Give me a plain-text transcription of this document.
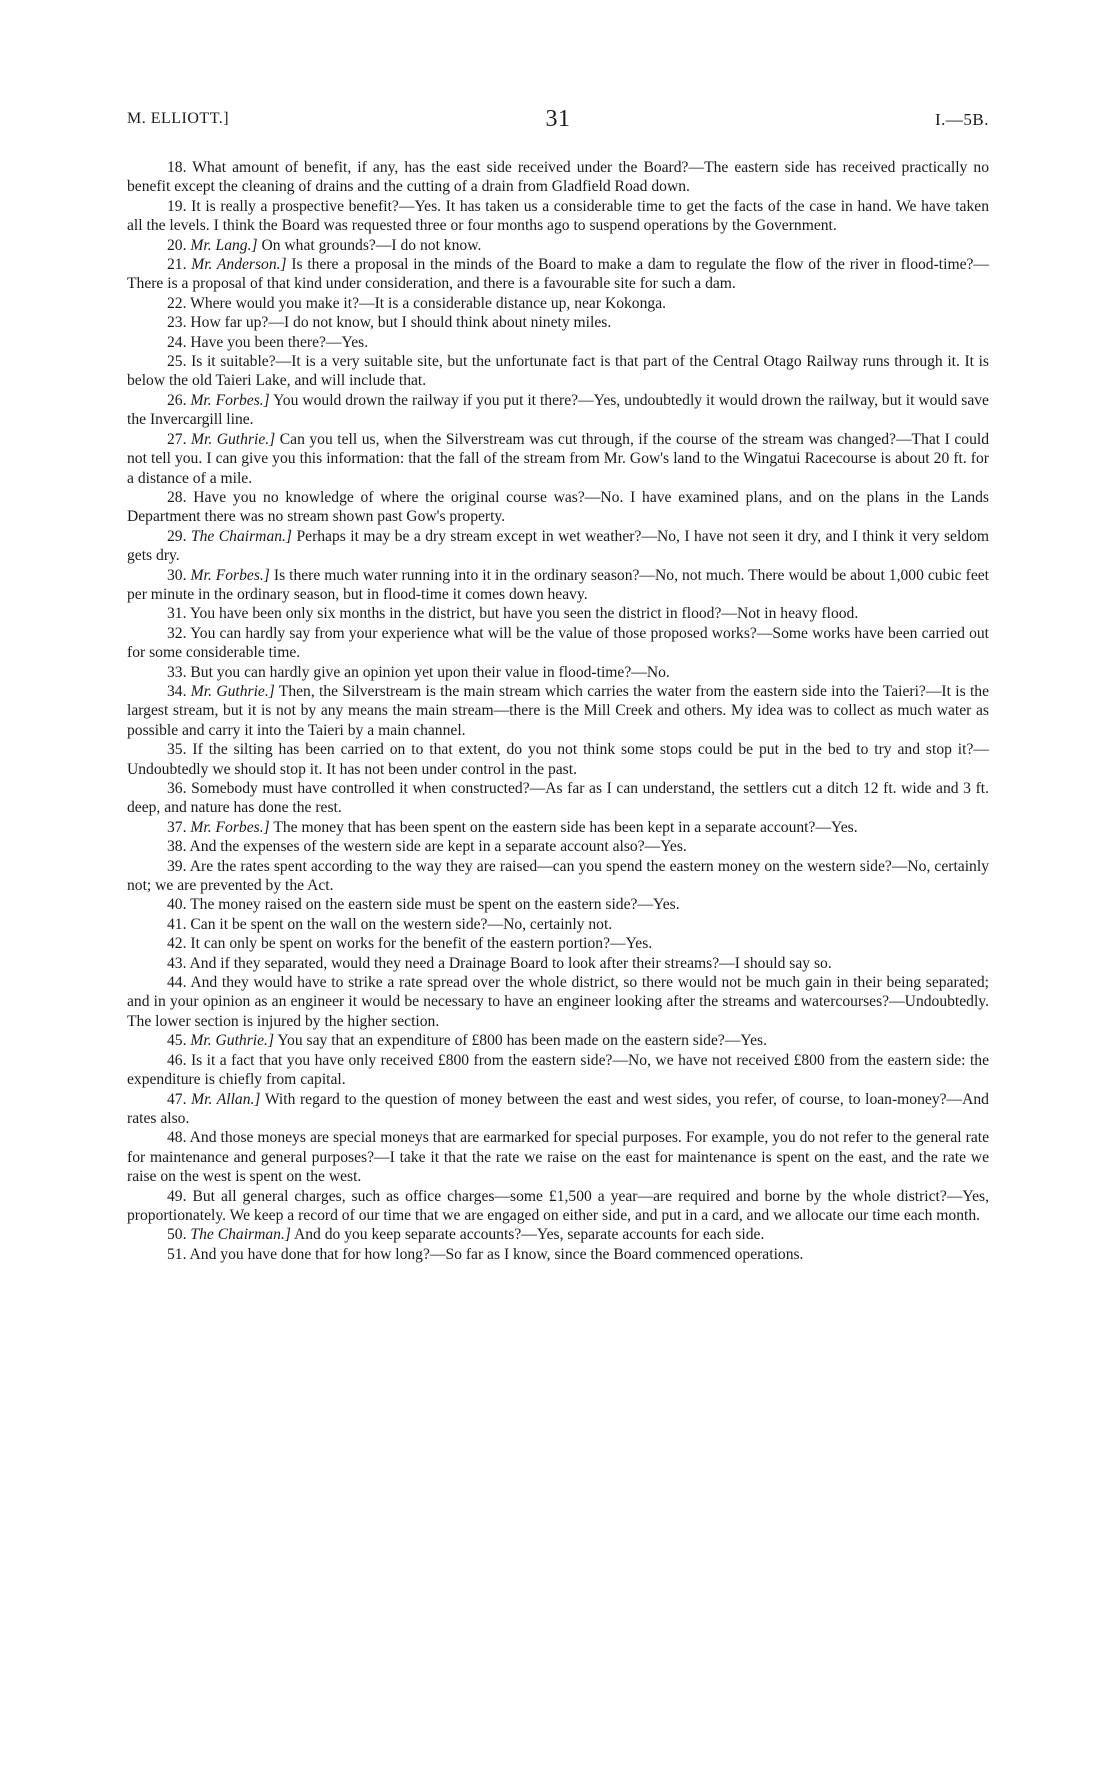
M. ELLIOTT.]	31	I.—5B.

18. What amount of benefit, if any, has the east side received under the Board?—The eastern side has received practically no benefit except the cleaning of drains and the cutting of a drain from Gladfield Road down.

19. It is really a prospective benefit?—Yes. It has taken us a considerable time to get the facts of the case in hand. We have taken all the levels. I think the Board was requested three or four months ago to suspend operations by the Government.

20. Mr. Lang.] On what grounds?—I do not know.

21. Mr. Anderson.] Is there a proposal in the minds of the Board to make a dam to regulate the flow of the river in flood-time?—There is a proposal of that kind under consideration, and there is a favourable site for such a dam.

22. Where would you make it?—It is a considerable distance up, near Kokonga.

23. How far up?—I do not know, but I should think about ninety miles.

24. Have you been there?—Yes.

25. Is it suitable?—It is a very suitable site, but the unfortunate fact is that part of the Central Otago Railway runs through it. It is below the old Taieri Lake, and will include that.

26. Mr. Forbes.] You would drown the railway if you put it there?—Yes, undoubtedly it would drown the railway, but it would save the Invercargill line.

27. Mr. Guthrie.] Can you tell us, when the Silverstream was cut through, if the course of the stream was changed?—That I could not tell you. I can give you this information: that the fall of the stream from Mr. Gow's land to the Wingatui Racecourse is about 20 ft. for a distance of a mile.

28. Have you no knowledge of where the original course was?—No. I have examined plans, and on the plans in the Lands Department there was no stream shown past Gow's property.

29. The Chairman.] Perhaps it may be a dry stream except in wet weather?—No, I have not seen it dry, and I think it very seldom gets dry.

30. Mr. Forbes.] Is there much water running into it in the ordinary season?—No, not much. There would be about 1,000 cubic feet per minute in the ordinary season, but in flood-time it comes down heavy.

31. You have been only six months in the district, but have you seen the district in flood?—Not in heavy flood.

32. You can hardly say from your experience what will be the value of those proposed works?—Some works have been carried out for some considerable time.

33. But you can hardly give an opinion yet upon their value in flood-time?—No.

34. Mr. Guthrie.] Then, the Silverstream is the main stream which carries the water from the eastern side into the Taieri?—It is the largest stream, but it is not by any means the main stream—there is the Mill Creek and others. My idea was to collect as much water as possible and carry it into the Taieri by a main channel.

35. If the silting has been carried on to that extent, do you not think some stops could be put in the bed to try and stop it?—Undoubtedly we should stop it. It has not been under control in the past.

36. Somebody must have controlled it when constructed?—As far as I can understand, the settlers cut a ditch 12 ft. wide and 3 ft. deep, and nature has done the rest.

37. Mr. Forbes.] The money that has been spent on the eastern side has been kept in a separate account?—Yes.

38. And the expenses of the western side are kept in a separate account also?—Yes.

39. Are the rates spent according to the way they are raised—can you spend the eastern money on the western side?—No, certainly not; we are prevented by the Act.

40. The money raised on the eastern side must be spent on the eastern side?—Yes.

41. Can it be spent on the wall on the western side?—No, certainly not.

42. It can only be spent on works for the benefit of the eastern portion?—Yes.

43. And if they separated, would they need a Drainage Board to look after their streams?—I should say so.

44. And they would have to strike a rate spread over the whole district, so there would not be much gain in their being separated; and in your opinion as an engineer it would be necessary to have an engineer looking after the streams and watercourses?—Undoubtedly. The lower section is injured by the higher section.

45. Mr. Guthrie.] You say that an expenditure of £800 has been made on the eastern side?—Yes.

46. Is it a fact that you have only received £800 from the eastern side?—No, we have not received £800 from the eastern side: the expenditure is chiefly from capital.

47. Mr. Allan.] With regard to the question of money between the east and west sides, you refer, of course, to loan-money?—And rates also.

48. And those moneys are special moneys that are earmarked for special purposes. For example, you do not refer to the general rate for maintenance and general purposes?—I take it that the rate we raise on the east for maintenance is spent on the east, and the rate we raise on the west is spent on the west.

49. But all general charges, such as office charges—some £1,500 a year—are required and borne by the whole district?—Yes, proportionately. We keep a record of our time that we are engaged on either side, and put in a card, and we allocate our time each month.

50. The Chairman.] And do you keep separate accounts?—Yes, separate accounts for each side.

51. And you have done that for how long?—So far as I know, since the Board commenced operations.
